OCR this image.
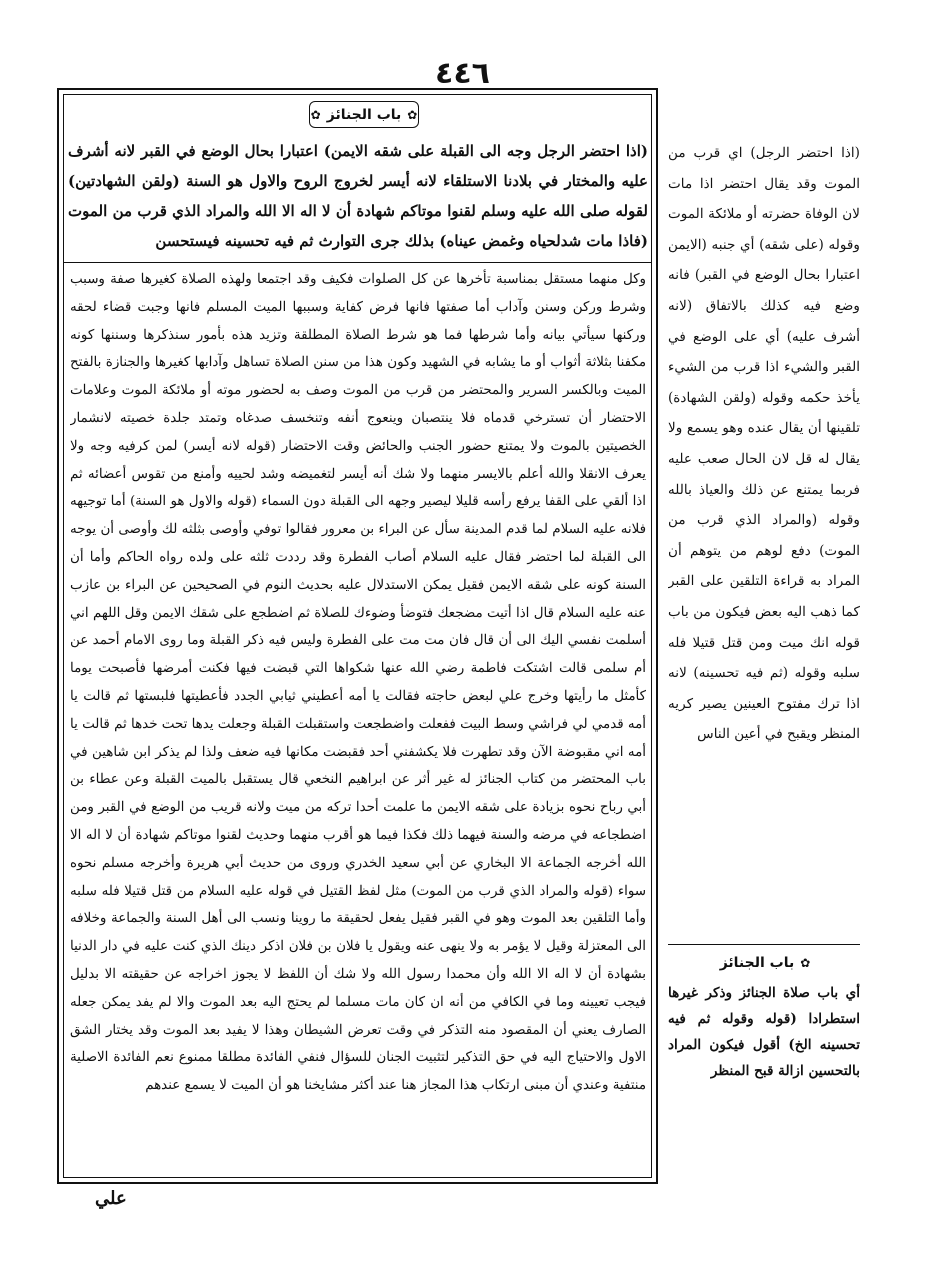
٤٤٦
✿
باب الجنائز
✿
(اذا احتضر الرجل وجه الى القبلة على شقه الايمن) اعتبارا بحال الوضع في القبر لانه أشرف عليه والمختار في بلادنا الاستلقاء لانه أيسر لخروج الروح والاول هو السنة (ولقن الشهادتين) لقوله صلى الله عليه وسلم لقنوا موتاكم شهادة أن لا اله الا الله والمراد الذي قرب من الموت (فاذا مات شدلحياه وغمض عيناه) بذلك جرى التوارث ثم فيه تحسينه فيستحسن
وكل منهما مستقل بمناسبة تأخرها عن كل الصلوات فكيف وقد اجتمعا ولهذه الصلاة كغيرها صفة وسبب وشرط وركن وسنن وآداب أما صفتها فانها فرض كفاية وسببها الميت المسلم فانها وجبت قضاء لحقه وركنها سيأتي بيانه وأما شرطها فما هو شرط الصلاة المطلقة وتزيد هذه بأمور سنذكرها وسننها كونه مكفنا بثلاثة أثواب أو ما يشابه في الشهيد وكون هذا من سنن الصلاة تساهل وآدابها كغيرها والجنازة بالفتح الميت وبالكسر السرير والمحتضر من قرب من الموت وصف به لحضور موته أو ملائكة الموت وعلامات الاحتضار أن تسترخي قدماه فلا ينتصبان وينعوج أنفه وتنخسف صدغاه وتمتد جلدة خصيته لانشمار الخصيتين بالموت ولا يمتنع حضور الجنب والحائض وقت الاحتضار (قوله لانه أيسر) لمن كرفيه وجه ولا يعرف الانقلا والله أعلم بالايسر منهما ولا شك أنه أيسر لتغميضه وشد لحييه وأمنع من تقوس أعضائه ثم اذا ألقي على القفا يرفع رأسه قليلا ليصير وجهه الى القبلة دون السماء (قوله والاول هو السنة) أما توجيهه فلانه عليه السلام لما قدم المدينة سأل عن البراء بن معرور فقالوا توفي وأوصى بثلثه لك وأوصى أن يوجه الى القبلة لما احتضر فقال عليه السلام أصاب الفطرة وقد رددت ثلثه على ولده رواه الحاكم وأما أن السنة كونه على شقه الايمن فقيل يمكن الاستدلال عليه بحديث النوم في الصحيحين عن البراء بن عازب عنه عليه السلام قال اذا أتيت مضجعك فتوضأ وضوءك للصلاة ثم اضطجع على شقك الايمن وقل اللهم اني أسلمت نفسي اليك الى أن قال فان مت مت على الفطرة وليس فيه ذكر القبلة وما روى الامام أحمد عن أم سلمى قالت اشتكت فاطمة رضي الله عنها شكواها التي قبضت فيها فكنت أمرضها فأصبحت يوما كأمثل ما رأيتها وخرج علي لبعض حاجته فقالت يا أمه أعطيني ثيابي الجدد فأعطيتها فلبستها ثم قالت يا أمه قدمي لي فراشي وسط البيت ففعلت واضطجعت واستقبلت القبلة وجعلت يدها تحت خدها ثم قالت يا أمه اني مقبوضة الآن وقد تطهرت فلا يكشفني أحد فقبضت مكانها فيه ضعف ولذا لم يذكر ابن شاهين في باب المحتضر من كتاب الجنائز له غير أثر عن ابراهيم النخعي قال يستقبل بالميت القبلة وعن عطاء بن أبي رباح نحوه بزيادة على شقه الايمن ما علمت أحدا تركه من ميت ولانه قريب من الوضع في القبر ومن اضطجاعه في مرضه والسنة فيهما ذلك فكذا فيما هو أقرب منهما وحديث لقنوا موتاكم شهادة أن لا اله الا الله أخرجه الجماعة الا البخاري عن أبي سعيد الخدري وروى من حديث أبي هريرة وأخرجه مسلم نحوه سواء (قوله والمراد الذي قرب من الموت) مثل لفظ القتيل في قوله عليه السلام من قتل قتيلا فله سلبه وأما التلقين بعد الموت وهو في القبر فقيل يفعل لحقيقة ما روينا ونسب الى أهل السنة والجماعة وخلافه الى المعتزلة وقيل لا يؤمر به ولا ينهى عنه ويقول يا فلان بن فلان اذكر دينك الذي كنت عليه في دار الدنيا بشهادة أن لا اله الا الله وأن محمدا رسول الله ولا شك أن اللفظ لا يجوز اخراجه عن حقيقته الا بدليل فيجب تعيينه وما في الكافي من أنه ان كان مات مسلما لم يحتج اليه بعد الموت والا لم يفد يمكن جعله الصارف يعني أن المقصود منه التذكر في وقت تعرض الشيطان وهذا لا يفيد بعد الموت وقد يختار الشق الاول والاحتياج اليه في حق التذكير لتثبيت الجنان للسؤال فنفي الفائدة مطلقا ممنوع نعم الفائدة الاصلية منتفية وعندي أن مبنى ارتكاب هذا المجاز هنا عند أكثر مشايخنا هو أن الميت لا يسمع عندهم
(اذا احتضر الرجل) اي قرب من الموت وقد يقال احتضر اذا مات لان الوفاة حضرته أو ملائكة الموت وقوله (على شقه) أي جنبه (الايمن اعتبارا بحال الوضع في القبر) فانه وضع فيه كذلك بالاتفاق (لانه أشرف عليه) أي على الوضع في القبر والشيء اذا قرب من الشيء يأخذ حكمه وقوله (ولقن الشهادة) تلقينها أن يقال عنده وهو يسمع ولا يقال له قل لان الحال صعب عليه فربما يمتنع عن ذلك والعياذ بالله وقوله (والمراد الذي قرب من الموت) دفع لوهم من يتوهم أن المراد به قراءة التلقين على القبر كما ذهب اليه بعض فيكون من باب قوله انك ميت ومن قتل قتيلا فله سلبه وقوله (ثم فيه تحسينه) لانه اذا ترك مفتوح العينين يصير كريه المنظر ويقبح في أعين الناس
✿
باب الجنائز
أي باب صلاة الجنائز وذكر غيرها استطرادا (قوله وقوله ثم فيه تحسينه الخ) أقول فيكون المراد بالتحسين ازالة قبح المنظر
علي
